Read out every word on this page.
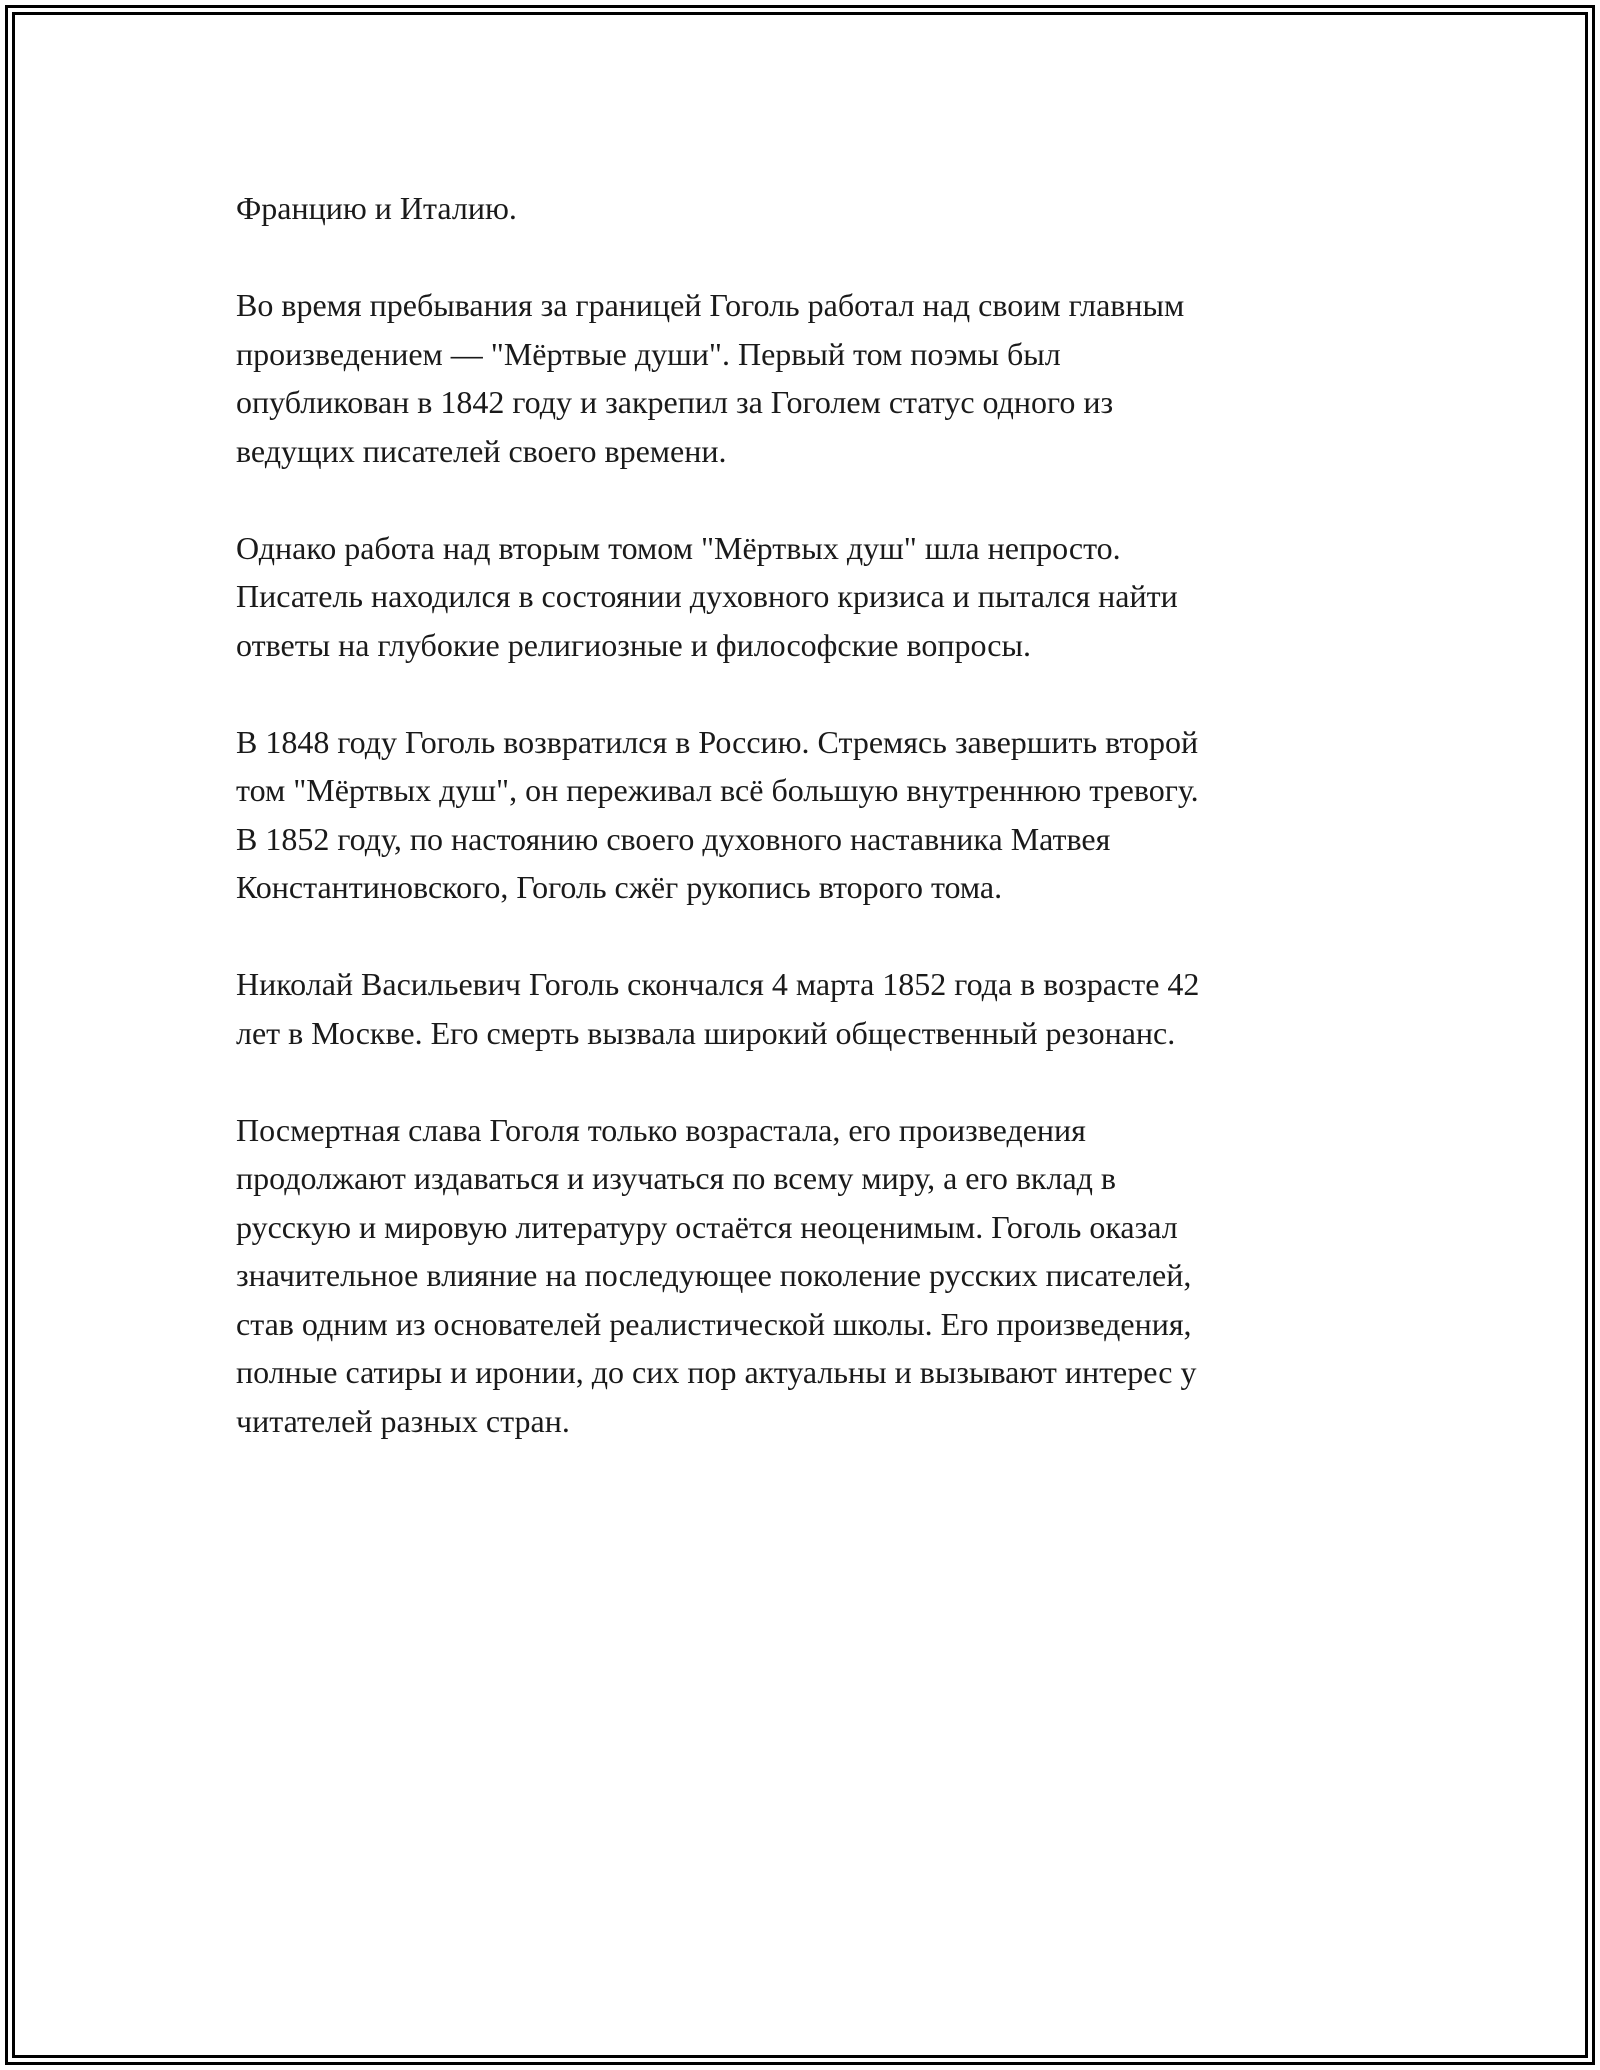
Францию и Италию.

Во время пребывания за границей Гоголь работал над своим главным
произведением — "Мёртвые души". Первый том поэмы был
опубликован в 1842 году и закрепил за Гоголем статус одного из
ведущих писателей своего времени.

Однако работа над вторым томом "Мёртвых душ" шла непросто.
Писатель находился в состоянии духовного кризиса и пытался найти
ответы на глубокие религиозные и философские вопросы.

В 1848 году Гоголь возвратился в Россию. Стремясь завершить второй
том "Мёртвых душ", он переживал всё большую внутреннюю тревогу.
В 1852 году, по настоянию своего духовного наставника Матвея
Константиновского, Гоголь сжёг рукопись второго тома.

Николай Васильевич Гоголь скончался 4 марта 1852 года в возрасте 42
лет в Москве. Его смерть вызвала широкий общественный резонанс.

Посмертная слава Гоголя только возрастала, его произведения
продолжают издаваться и изучаться по всему миру, а его вклад в
русскую и мировую литературу остаётся неоценимым. Гоголь оказал
значительное влияние на последующее поколение русских писателей,
став одним из основателей реалистической школы. Его произведения,
полные сатиры и иронии, до сих пор актуальны и вызывают интерес у
читателей разных стран.
